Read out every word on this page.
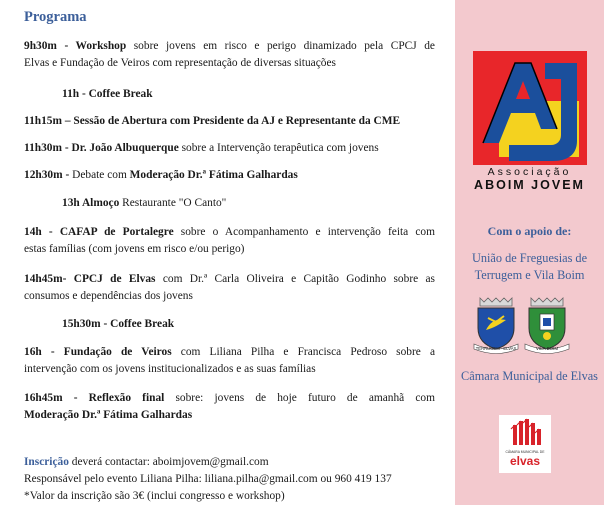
Programa
9h30m - Workshop sobre jovens em risco e perigo dinamizado pela CPCJ de
Elvas e Fundação de Veiros com representação de diversas situações
11h - Coffee Break
11h15m – Sessão de Abertura com Presidente da AJ e Representante da CME
11h30m - Dr. João Albuquerque sobre a Intervenção terapêutica com jovens
12h30m - Debate com Moderação Dr.ª Fátima Galhardas
13h Almoço Restaurante "O Canto"
14h - CAFAP de Portalegre sobre o Acompanhamento e intervenção feita com
estas famílias (com jovens em risco e/ou perigo)
14h45m- CPCJ de Elvas com Dr.ª Carla Oliveira e Capitão Godinho sobre as
consumos e dependências dos jovens
15h30m - Coffee Break
16h - Fundação de Veiros com Liliana Pilha e Francisca Pedroso sobre a
intervenção com os jovens institucionalizados e as suas famílias
16h45m - Reflexão final sobre: jovens de hoje futuro de amanhã com
Moderação Dr.ª Fátima Galhardas
Inscrição deverá contactar: aboimjovem@gmail.com
Responsável pelo evento Liliana Pilha: liliana.pilha@gmail.com ou 960 419 137
*Valor da inscrição são 3€ (inclui congresso e workshop)
Associação
ABOIM JOVEM
Com o apoio de:
União de Freguesias de Terrugem e Vila Boim
TERRUGEM - ELVAS	VILA BOIM
Câmara Municipal de Elvas
CÂMARA MUNICIPAL DE
elvas
